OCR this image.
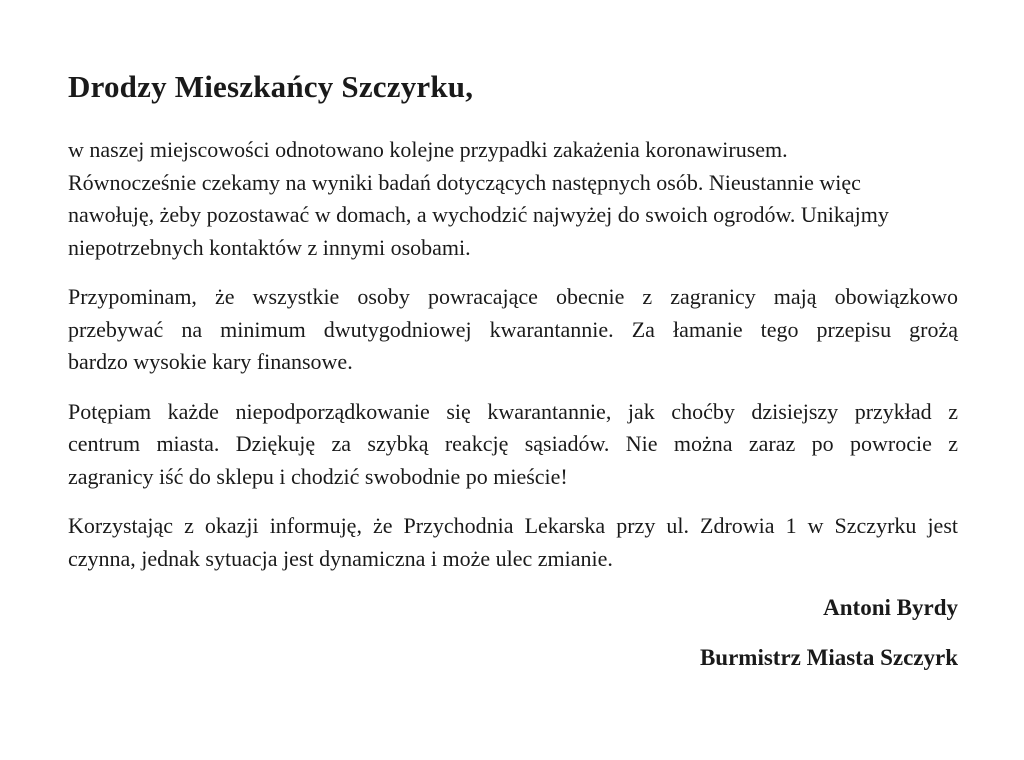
Drodzy Mieszkańcy Szczyrku,
w naszej miejscowości odnotowano kolejne przypadki zakażenia koronawirusem.
Równocześnie czekamy na wyniki badań dotyczących następnych osób. Nieustannie więc
nawołuję, żeby pozostawać w domach, a wychodzić najwyżej do swoich ogrodów. Unikajmy
niepotrzebnych kontaktów z innymi osobami.
Przypominam, że wszystkie osoby powracające obecnie z zagranicy mają obowiązkowo
przebywać na minimum dwutygodniowej kwarantannie. Za łamanie tego przepisu grożą
bardzo wysokie kary finansowe.
Potępiam każde niepodporządkowanie się kwarantannie, jak choćby dzisiejszy przykład z
centrum miasta. Dziękuję za szybką reakcję sąsiadów. Nie można zaraz po powrocie z
zagranicy iść do sklepu i chodzić swobodnie po mieście!
Korzystając z okazji informuję, że Przychodnia Lekarska przy ul. Zdrowia 1 w Szczyrku jest
czynna, jednak sytuacja jest dynamiczna i może ulec zmianie.
Antoni Byrdy
Burmistrz Miasta Szczyrk
